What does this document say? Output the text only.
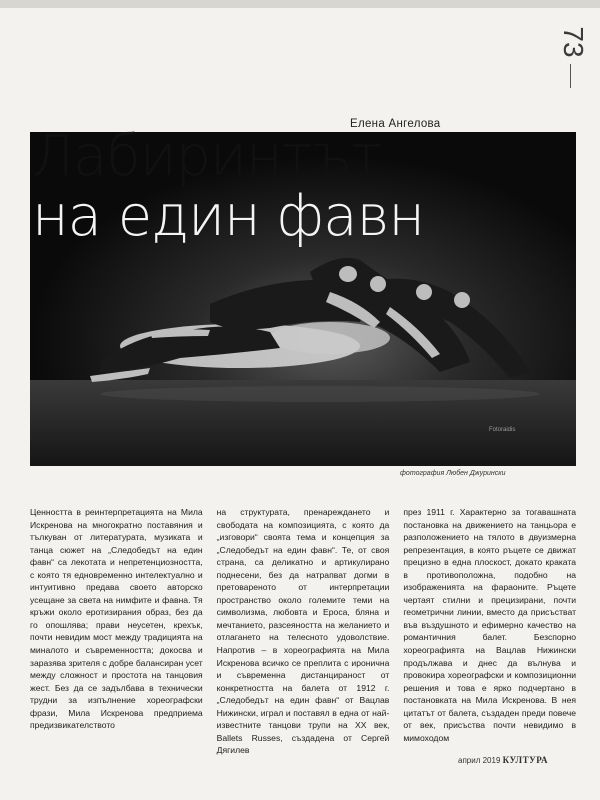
73
Елена Ангелова
Лабиринтът
на един фавн
Fotoraidis
фотография Любен Джурински
Ценността в реинтерпретацията на Мила Искренова на многократно поставяния и тълкуван от литературата, музиката и танца сюжет на „Следобедът на един фавн“ са лекотата и непретенциозността, с която тя едновременно интелектуално и интуитивно предава своето авторско усещане за света на нимфите и фавна. Тя кръжи около еротизирания образ, без да го опошлява; прави неусетен, крехък, почти невидим мост между традицията на миналото и съвременността; докосва и заразява зрителя с добре балансиран усет между сложност и простота на танцовия жест. Без да се задълбава в технически трудни за изпълнение хореографски фрази, Мила Искренова предприема предизвикателството
на структурата, пренареждането и свободата на композицията, с която да „изговори“ своята тема и концепция за „Следобедът на един фавн“. Те, от своя страна, са деликатно и артикулирано поднесени, без да натрапват догми в претовареното от интерпретации пространство около големите теми на символизма, любовта и Ероса, блянa и мечтанието, разсеяността на желанието и отлагането на телесното удоволствие. Напротив – в хореографията на Мила Искренова всичко се преплита с иронична и съвременна дистанцираност от конкретността на балета от 1912 г. „Следобедът на един фавн“ от Вацлав Нижински, играл и поставял в една от най-известните танцови трупи на XX век, Ballets Russes, създадена от Сергей Дягилев
през 1911 г. Характерно за тогавашната постановка на движението на танцьора е разположението на тялото в двуизмерна репрезентация, в която ръцете се движат прецизно в една плоскост, докато краката в противоположна, подобно на изображенията на фараоните. Ръцете чертаят стилни и прецизирани, почти геометрични линии, вместо да присъстват във въздушното и ефимерно качество на романтичния балет. Безспорно хореографията на Вацлав Нижински продължава и днес да вълнува и провокира хореографски и композиционни решения и това е ярко подчертано в постановката на Мила Искренова. В нея цитатът от балета, създаден преди повече от век, присъства почти невидимо в мимоходом
април 2019 КУЛТУРА
